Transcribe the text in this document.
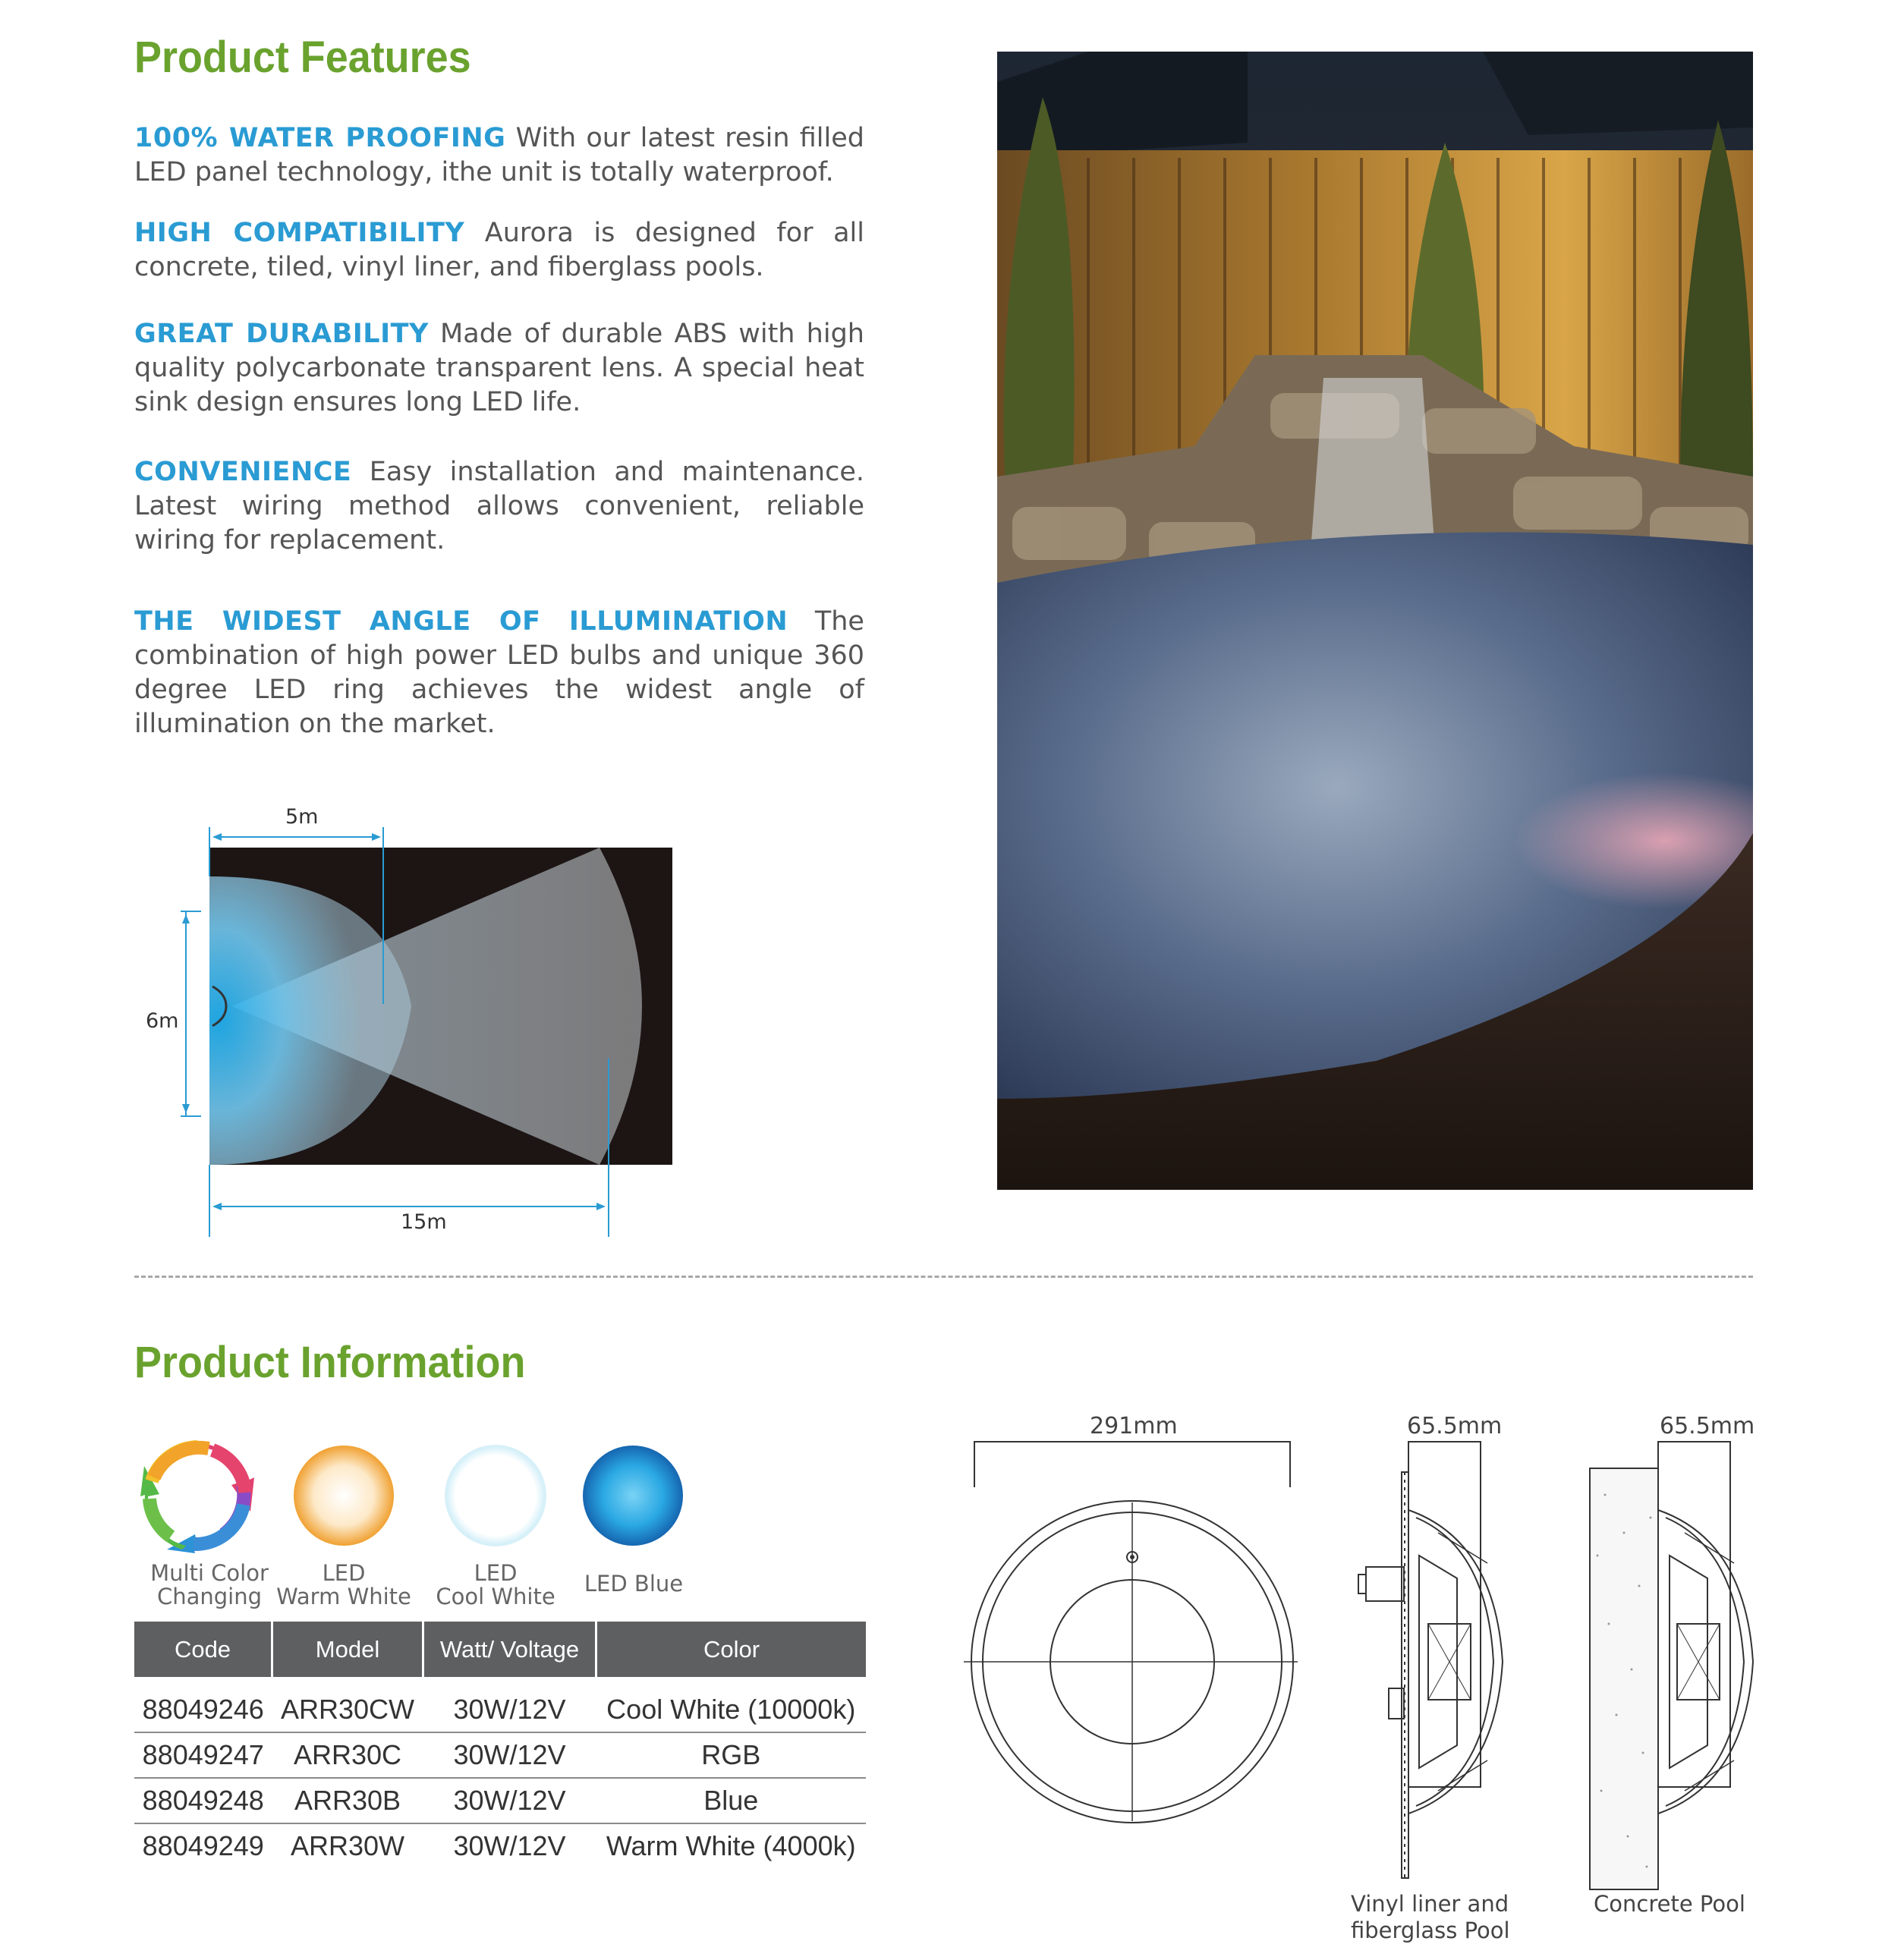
Product Features

100% WATER PROOFING With our latest resin filled LED panel technology, ithe unit is totally waterproof.

HIGH COMPATIBILITY Aurora is designed for all concrete, tiled, vinyl liner, and fiberglass pools.

GREAT DURABILITY Made of durable ABS with high quality polycarbonate transparent lens. A special heat sink design ensures long LED life.

CONVENIENCE Easy installation and maintenance. Latest wiring method allows convenient, reliable wiring for replacement.

THE WIDEST ANGLE OF ILLUMINATION The combination of high power LED bulbs and unique 360 degree LED ring achieves the widest angle of illumination on the market.

5m
6m
15m
Product Information
Multi Color
Changing
LED
Warm White
LED
Cool White	LED Blue
Code	Model	Watt/ Voltage	Color
88049246	ARR30CW	30W/12V	Cool White (10000k)
88049247	ARR30C	30W/12V	RGB
88049248	ARR30B	30W/12V	Blue
88049249	ARR30W	30W/12V	Warm White (4000k)
291mm	65.5mm	65.5mm
Vinyl liner and
fiberglass Pool
Concrete Pool
